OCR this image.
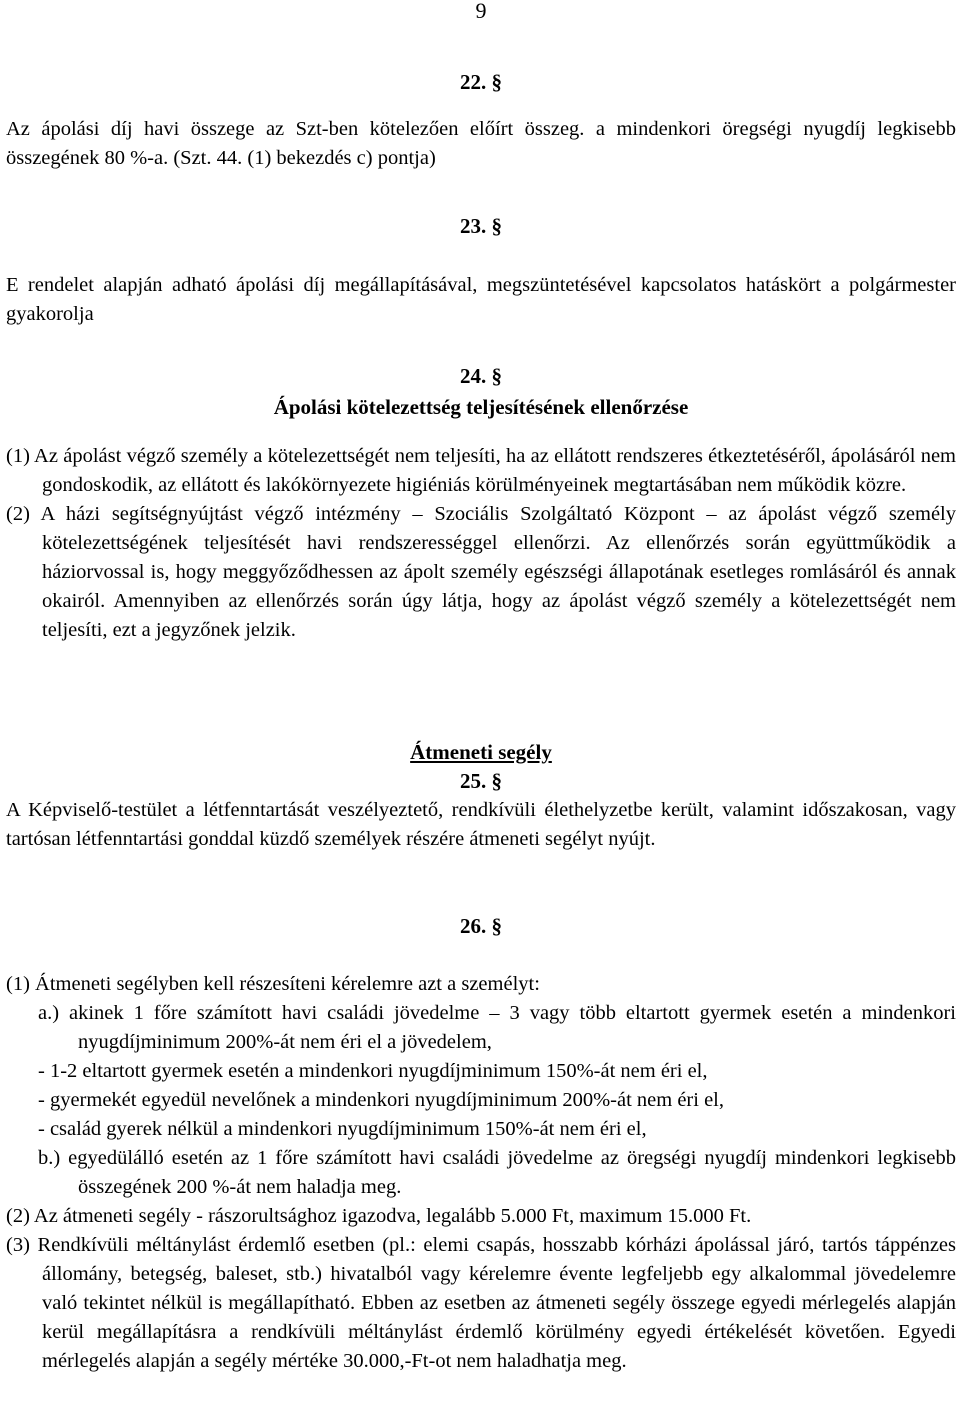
9
22. §

Az ápolási díj havi összege az Szt-ben kötelezően előírt összeg. a mindenkori öregségi nyugdíj legkisebb összegének 80 %-a. (Szt. 44. (1) bekezdés c) pontja)

23. §

E rendelet alapján adható ápolási díj megállapításával, megszüntetésével kapcsolatos hatáskört a polgármester gyakorolja

24. §
Ápolási kötelezettség teljesítésének ellenőrzése

(1) Az ápolást végző személy a kötelezettségét nem teljesíti, ha az ellátott rendszeres étkeztetéséről, ápolásáról nem gondoskodik, az ellátott és lakókörnyezete higiéniás körülményeinek megtartásában nem működik közre.

(2) A házi segítségnyújtást végző intézmény – Szociális Szolgáltató Központ – az ápolást végző személy kötelezettségének teljesítését havi rendszerességgel ellenőrzi. Az ellenőrzés során együttműködik a háziorvossal is, hogy meggyőződhessen az ápolt személy egészségi állapotának esetleges romlásáról és annak okairól. Amennyiben az ellenőrzés során úgy látja, hogy az ápolást végző személy a kötelezettségét nem teljesíti, ezt a jegyzőnek jelzik.

Átmeneti segély
25. §

A Képviselő-testület a létfenntartását veszélyeztető, rendkívüli élethelyzetbe került, valamint időszakosan, vagy tartósan létfenntartási gonddal küzdő személyek részére átmeneti segélyt nyújt.

26. §

(1) Átmeneti segélyben kell részesíteni kérelemre azt a személyt:

a.) akinek 1 főre számított havi családi jövedelme – 3 vagy több eltartott gyermek esetén a mindenkori nyugdíjminimum 200%-át nem éri el a jövedelem,

- 1-2 eltartott gyermek esetén a mindenkori nyugdíjminimum 150%-át nem éri el,

- gyermekét egyedül nevelőnek a mindenkori nyugdíjminimum 200%-át nem éri el,

- család gyerek nélkül a mindenkori nyugdíjminimum 150%-át nem éri el,

b.) egyedülálló esetén az 1 főre számított havi családi jövedelme az öregségi nyugdíj mindenkori legkisebb összegének 200 %-át nem haladja meg.

(2) Az átmeneti segély - rászorultsághoz igazodva, legalább 5.000 Ft, maximum 15.000 Ft.

(3) Rendkívüli méltánylást érdemlő esetben (pl.: elemi csapás, hosszabb kórházi ápolással járó, tartós táppénzes állomány, betegség, baleset, stb.) hivatalból vagy kérelemre évente legfeljebb egy alkalommal jövedelemre való tekintet nélkül is megállapítható. Ebben az esetben az átmeneti segély összege egyedi mérlegelés alapján kerül megállapításra a rendkívüli méltánylást érdemlő körülmény egyedi értékelését követően. Egyedi mérlegelés alapján a segély mértéke 30.000,-Ft-ot nem haladhatja meg.
